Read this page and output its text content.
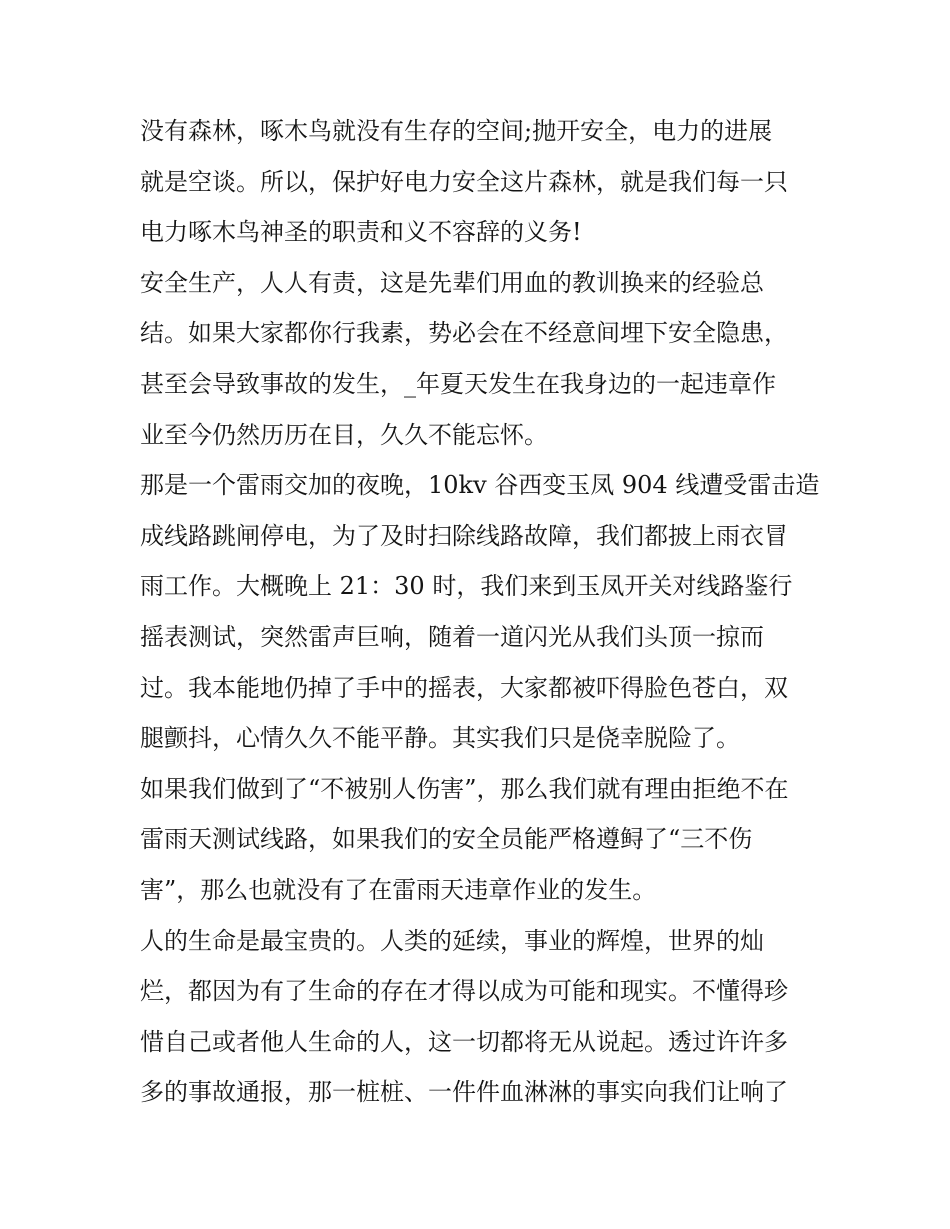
没有森林，啄木鸟就没有生存的空间;抛开安全，电力的进展
就是空谈。所以，保护好电力安全这片森林，就是我们每一只
电力啄木鸟神圣的职责和义不容辞的义务!
安全生产，人人有责，这是先辈们用血的教训换来的经验总
结。如果大家都你行我素，势必会在不经意间埋下安全隐患，
甚至会导致事故的发生，_年夏天发生在我身边的一起违章作
业至今仍然历历在目，久久不能忘怀。
那是一个雷雨交加的夜晚，10kv 谷西变玉凤 904 线遭受雷击造
成线路跳闸停电，为了及时扫除线路故障，我们都披上雨衣冒
雨工作。大概晚上 21：30 时，我们来到玉凤开关对线路鉴行
摇表测试，突然雷声巨响，随着一道闪光从我们头顶一掠而
过。我本能地仍掉了手中的摇表，大家都被吓得脸色苍白，双
腿颤抖，心情久久不能平静。其实我们只是侥幸脱险了。
如果我们做到了“不被别人伤害”，那么我们就有理由拒绝不在
雷雨天测试线路，如果我们的安全员能严格遵鲟了“三不伤
害”，那么也就没有了在雷雨天违章作业的发生。
人的生命是最宝贵的。人类的延续，事业的辉煌，世界的灿
烂，都因为有了生命的存在才得以成为可能和现实。不懂得珍
惜自己或者他人生命的人，这一切都将无从说起。透过许许多
多的事故通报，那一桩桩、一件件血淋淋的事实向我们让响了
